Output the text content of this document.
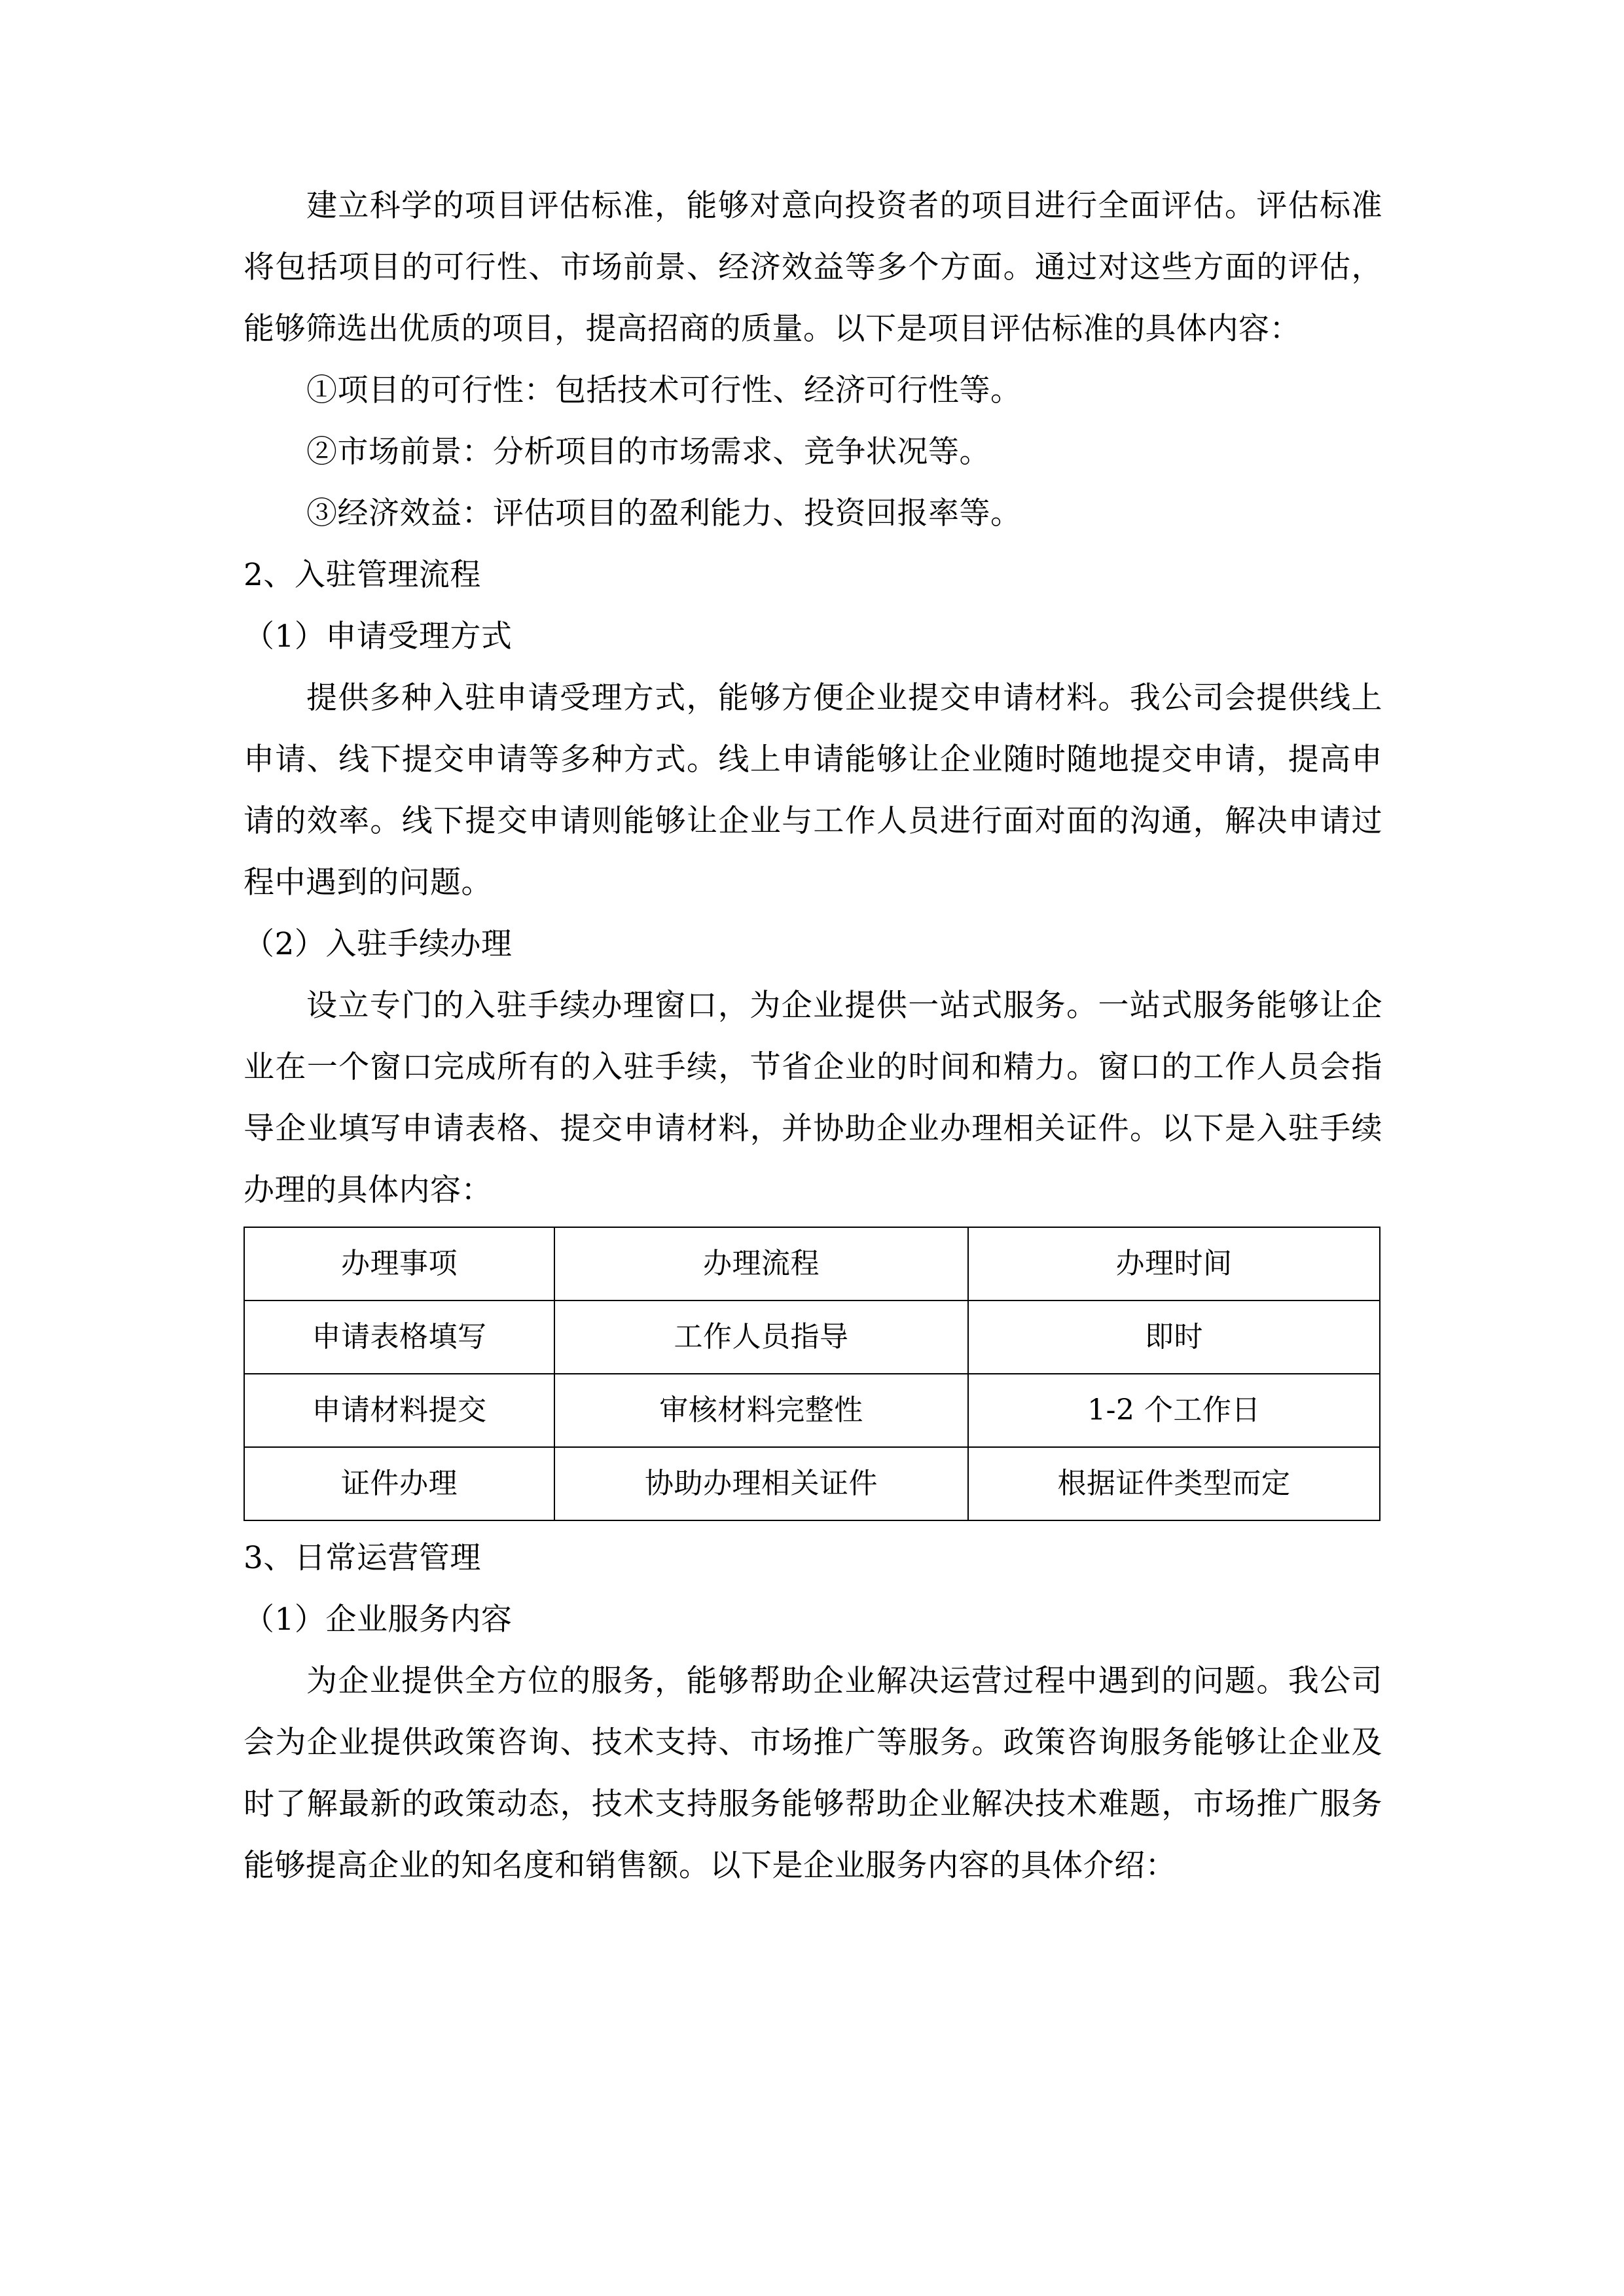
建立科学的项目评估标准，能够对意向投资者的项目进行全面评估。评估标准将包括项目的可行性、市场前景、经济效益等多个方面。通过对这些方面的评估，能够筛选出优质的项目，提高招商的质量。以下是项目评估标准的具体内容：

①项目的可行性：包括技术可行性、经济可行性等。

②市场前景：分析项目的市场需求、竞争状况等。

③经济效益：评估项目的盈利能力、投资回报率等。

2、入驻管理流程

（1）申请受理方式

提供多种入驻申请受理方式，能够方便企业提交申请材料。我公司会提供线上申请、线下提交申请等多种方式。线上申请能够让企业随时随地提交申请，提高申请的效率。线下提交申请则能够让企业与工作人员进行面对面的沟通，解决申请过程中遇到的问题。

（2）入驻手续办理

设立专门的入驻手续办理窗口，为企业提供一站式服务。一站式服务能够让企业在一个窗口完成所有的入驻手续，节省企业的时间和精力。窗口的工作人员会指导企业填写申请表格、提交申请材料，并协助企业办理相关证件。以下是入驻手续办理的具体内容：

办理事项	办理流程	办理时间
申请表格填写	工作人员指导	即时
申请材料提交	审核材料完整性	1-2 个工作日
证件办理	协助办理相关证件	根据证件类型而定

3、日常运营管理

（1）企业服务内容

为企业提供全方位的服务，能够帮助企业解决运营过程中遇到的问题。我公司会为企业提供政策咨询、技术支持、市场推广等服务。政策咨询服务能够让企业及时了解最新的政策动态，技术支持服务能够帮助企业解决技术难题，市场推广服务能够提高企业的知名度和销售额。以下是企业服务内容的具体介绍：
